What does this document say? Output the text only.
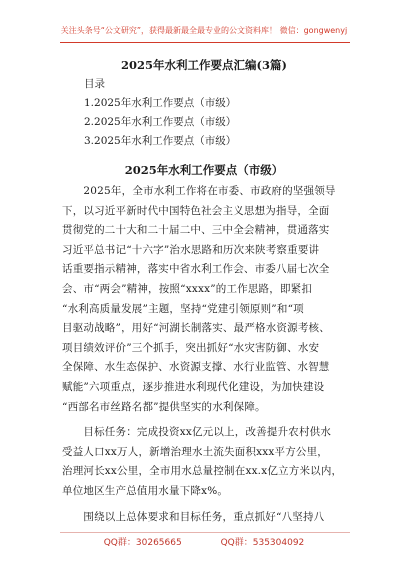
关注头条号“公文研究”，获得最新最全最专业的公文资料库！ 微信：gongwenyj
2025年水利工作要点汇编(3篇)
目录
1.2025年水利工作要点（市级）
2.2025年水利工作要点（市级）
3.2025年水利工作要点（市级）
2025年水利工作要点（市级）
　　2025年，全市水利工作将在市委、市政府的坚强领导
下，以习近平新时代中国特色社会主义思想为指导，全面
贯彻党的二十大和二十届二中、三中全会精神，贯通落实
习近平总书记“十六字”治水思路和历次来陕考察重要讲
话重要指示精神，落实中省水利工作会、市委八届七次全
会、市“两会”精神，按照“xxxx”的工作思路，即紧扣
“水利高质量发展”主题，坚持“党建引领原则”和“项
目驱动战略”，用好“河湖长制落实、最严格水资源考核、
项目绩效评价”三个抓手，突出抓好“水灾害防御、水安
全保障、水生态保护、水资源支撑、水行业监管、水智慧
赋能”六项重点，逐步推进水利现代化建设，为加快建设
“西部名市丝路名都”提供坚实的水利保障。
　　目标任务：完成投资xx亿元以上，改善提升农村供水
受益人口xx万人，新增治理水土流失面积xxx平方公里，
治理河长xx公里，全市用水总量控制在xx.x亿立方米以内，
单位地区生产总值用水量下降x%。
　　围绕以上总体要求和目标任务，重点抓好“八坚持八
QQ群：30265665	QQ群：535304092
